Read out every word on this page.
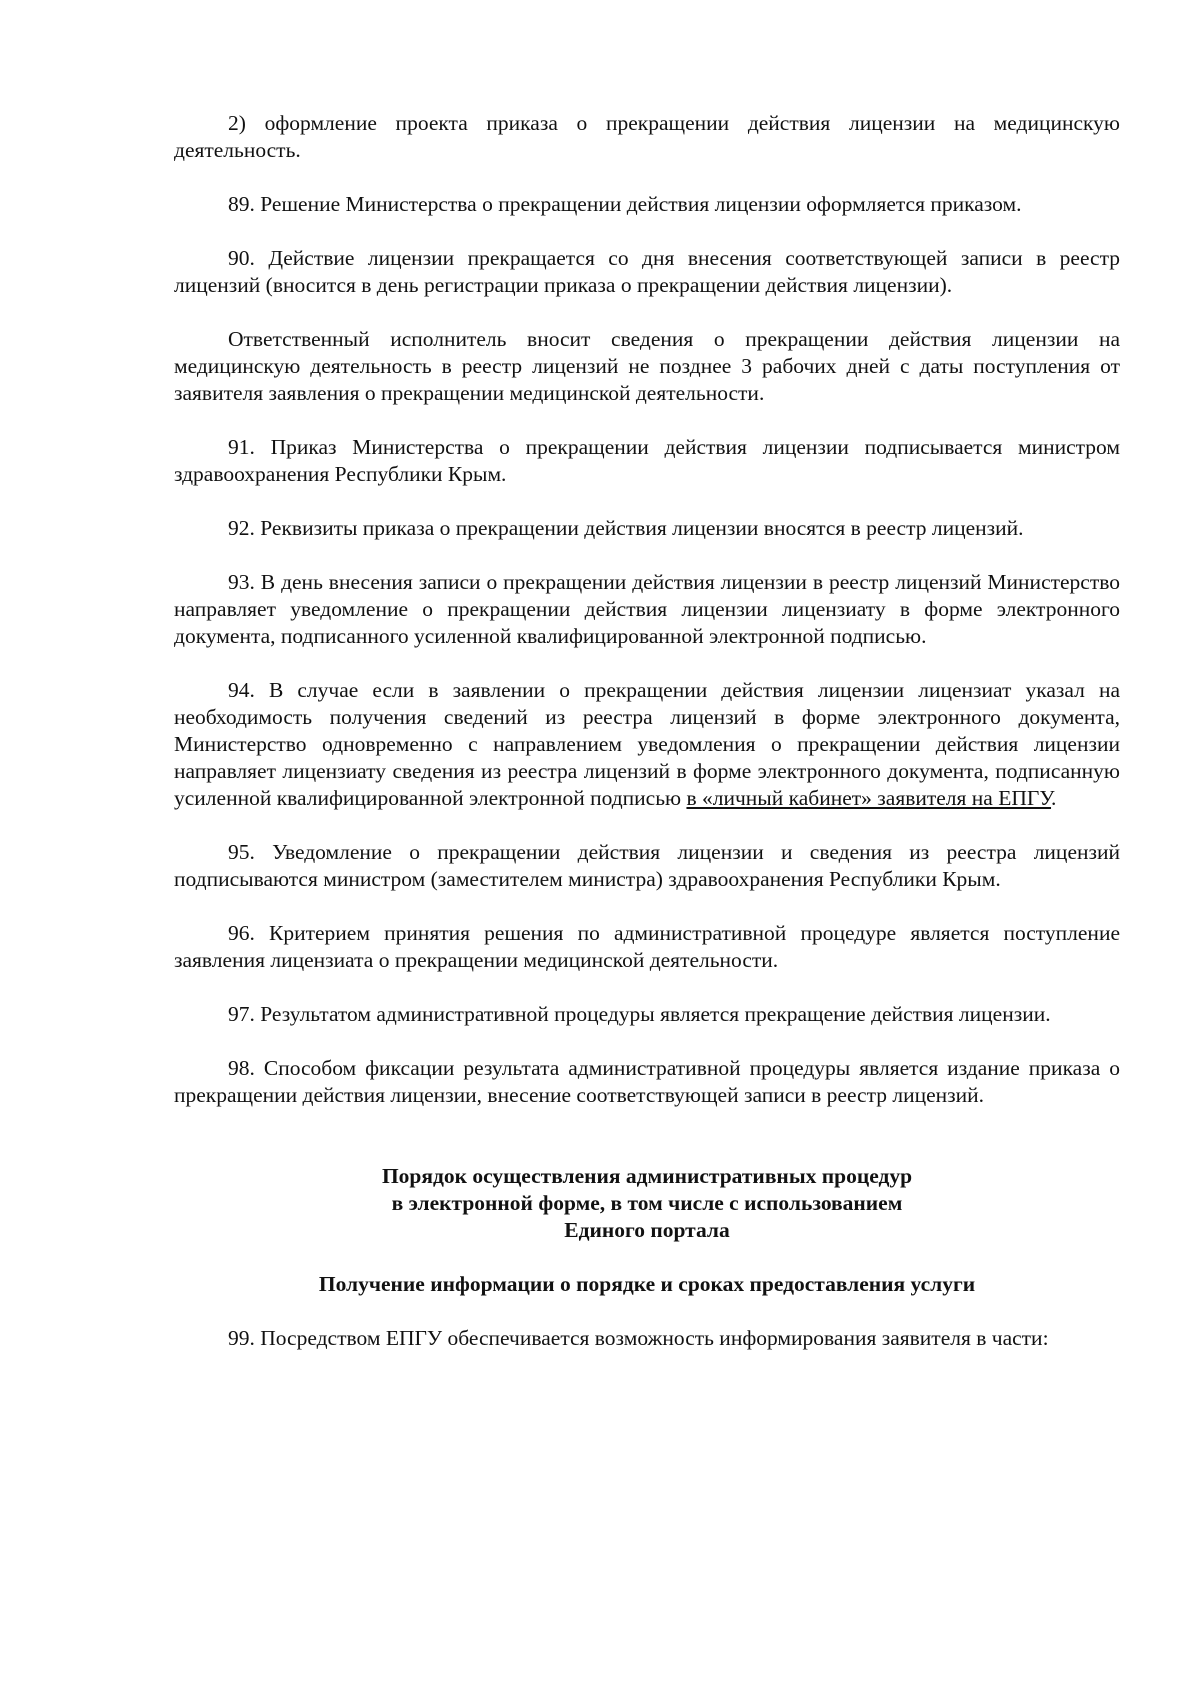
2) оформление проекта приказа о прекращении действия лицензии на медицинскую деятельность.

89. Решение Министерства о прекращении действия лицензии оформляется приказом.

90. Действие лицензии прекращается со дня внесения соответствующей записи в реестр лицензий (вносится в день регистрации приказа о прекращении действия лицензии).

Ответственный исполнитель вносит сведения о прекращении действия лицензии на медицинскую деятельность в реестр лицензий не позднее 3 рабочих дней с даты поступления от заявителя заявления о прекращении медицинской деятельности.

91. Приказ Министерства о прекращении действия лицензии подписывается министром здравоохранения Республики Крым.

92. Реквизиты приказа о прекращении действия лицензии вносятся в реестр лицензий.

93. В день внесения записи о прекращении действия лицензии в реестр лицензий Министерство направляет уведомление о прекращении действия лицензии лицензиату в форме электронного документа, подписанного усиленной квалифицированной электронной подписью.

94. В случае если в заявлении о прекращении действия лицензии лицензиат указал на необходимость получения сведений из реестра лицензий в форме электронного документа, Министерство одновременно с направлением уведомления о прекращении действия лицензии направляет лицензиату сведения из реестра лицензий в форме электронного документа, подписанную усиленной квалифицированной электронной подписью в «личный кабинет» заявителя на ЕПГУ.

95. Уведомление о прекращении действия лицензии и сведения из реестра лицензий подписываются министром (заместителем министра) здравоохранения Республики Крым.

96. Критерием принятия решения по административной процедуре является поступление заявления лицензиата о прекращении медицинской деятельности.

97. Результатом административной процедуры является прекращение действия лицензии.

98. Способом фиксации результата административной процедуры является издание приказа о прекращении действия лицензии, внесение соответствующей записи в реестр лицензий.

Порядок осуществления административных процедур

в электронной форме, в том числе с использованием

Единого портала

Получение информации о порядке и сроках предоставления услуги

99. Посредством ЕПГУ обеспечивается возможность информирования заявителя в части:
